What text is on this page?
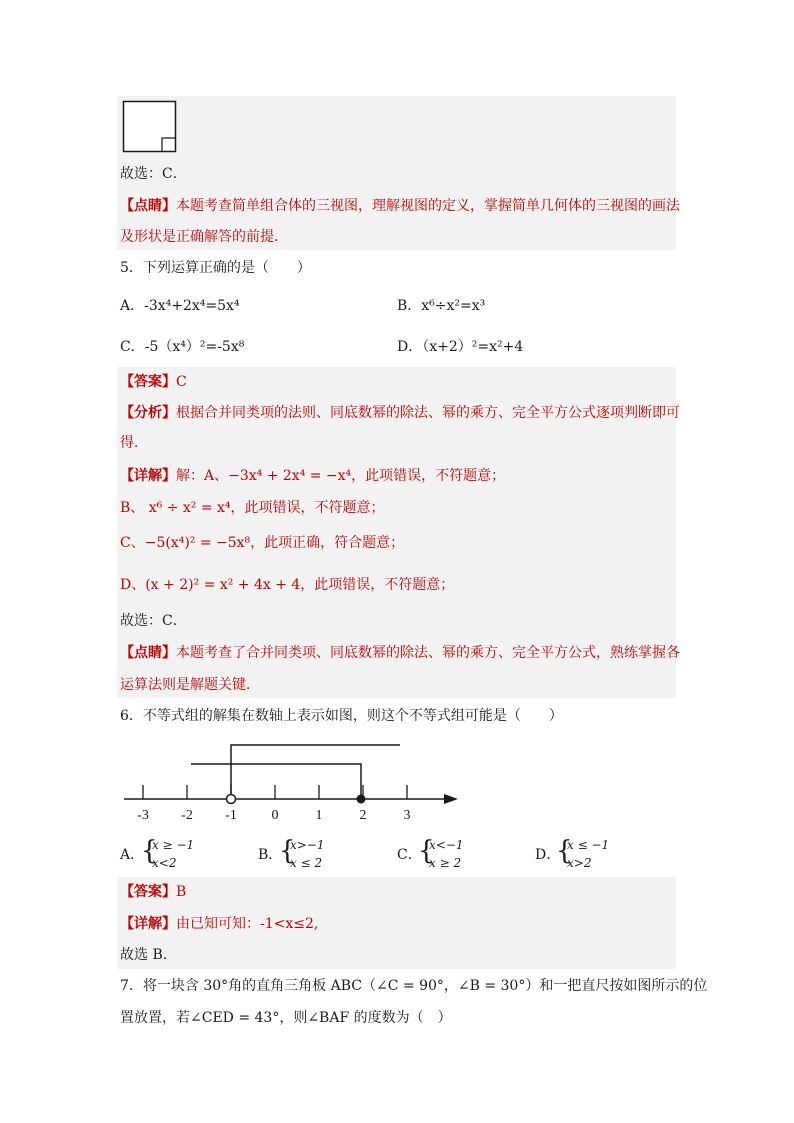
故选：C．
【点睛】本题考查简单组合体的三视图，理解视图的定义，掌握简单几何体的三视图的画法
及形状是正确解答的前提．
5．下列运算正确的是（　　）
A．-3x⁴+2x⁴=5x⁴	B．x⁶÷x²=x³
C．-5（x⁴）²=-5x⁸	D．（x+2）²=x²+4
【答案】C
【分析】根据合并同类项的法则、同底数幂的除法、幂的乘方、完全平方公式逐项判断即可
得．
【详解】解：A、−3x⁴ + 2x⁴ = −x⁴，此项错误，不符题意；
B、 x⁶ ÷ x² = x⁴，此项错误，不符题意；
C、−5(x⁴)² = −5x⁸，此项正确，符合题意；
D、(x + 2)² = x² + 4x + 4，此项错误，不符题意；
故选：C．
【点睛】本题考查了合并同类项、同底数幂的除法、幂的乘方、完全平方公式，熟练掌握各
运算法则是解题关键．
6．不等式组的解集在数轴上表示如图，则这个不等式组可能是（　　）
-3 -2 -1 0	1	2	3
A．
{
x ≥ −1
x<2	B．
{
x>−1
x ≤ 2	C．
{
x<−1
x ≥ 2	D．
{
x ≤ −1
x>2
【答案】B
【详解】由已知可知：-1<x≤2,
故选 B．
7．将一块含 30°角的直角三角板 ABC（∠C = 90°，∠B = 30°）和一把直尺按如图所示的位
置放置，若∠CED = 43°，则∠BAF 的度数为（　）
